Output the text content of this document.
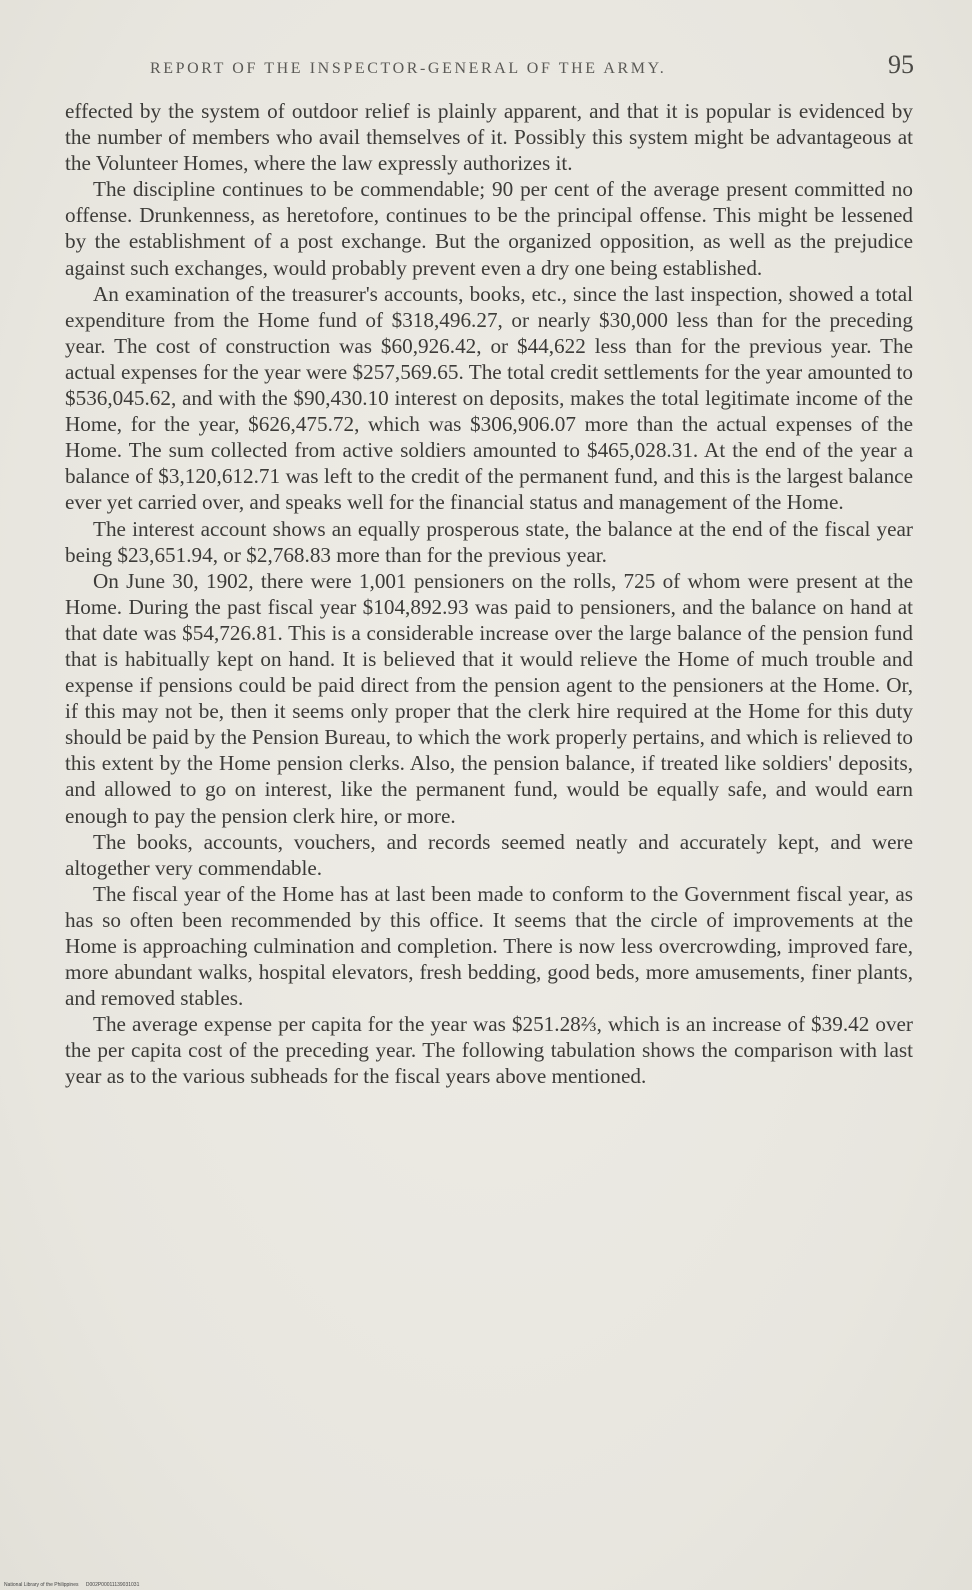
REPORT OF THE INSPECTOR-GENERAL OF THE ARMY.	95

effected by the system of outdoor relief is plainly apparent, and that it is popular is evidenced by the number of members who avail themselves of it. Possibly this system might be advantageous at the Volunteer Homes, where the law expressly authorizes it.

The discipline continues to be commendable; 90 per cent of the average present committed no offense. Drunkenness, as heretofore, continues to be the principal offense. This might be lessened by the establishment of a post exchange. But the organized opposition, as well as the prejudice against such exchanges, would probably prevent even a dry one being established.

An examination of the treasurer's accounts, books, etc., since the last inspection, showed a total expenditure from the Home fund of $318,496.27, or nearly $30,000 less than for the preceding year. The cost of construction was $60,926.42, or $44,622 less than for the previous year. The actual expenses for the year were $257,569.65. The total credit settlements for the year amounted to $536,045.62, and with the $90,430.10 interest on deposits, makes the total legitimate income of the Home, for the year, $626,475.72, which was $306,906.07 more than the actual expenses of the Home. The sum collected from active soldiers amounted to $465,028.31. At the end of the year a balance of $3,120,612.71 was left to the credit of the permanent fund, and this is the largest balance ever yet carried over, and speaks well for the financial status and management of the Home.

The interest account shows an equally prosperous state, the balance at the end of the fiscal year being $23,651.94, or $2,768.83 more than for the previous year.

On June 30, 1902, there were 1,001 pensioners on the rolls, 725 of whom were present at the Home. During the past fiscal year $104,892.93 was paid to pensioners, and the balance on hand at that date was $54,726.81. This is a considerable increase over the large balance of the pension fund that is habitually kept on hand. It is believed that it would relieve the Home of much trouble and expense if pensions could be paid direct from the pension agent to the pensioners at the Home. Or, if this may not be, then it seems only proper that the clerk hire required at the Home for this duty should be paid by the Pension Bureau, to which the work properly pertains, and which is relieved to this extent by the Home pension clerks. Also, the pension balance, if treated like soldiers' deposits, and allowed to go on interest, like the permanent fund, would be equally safe, and would earn enough to pay the pension clerk hire, or more.

The books, accounts, vouchers, and records seemed neatly and accurately kept, and were altogether very commendable.

The fiscal year of the Home has at last been made to conform to the Government fiscal year, as has so often been recommended by this office. It seems that the circle of improvements at the Home is approaching culmination and completion. There is now less overcrowding, improved fare, more abundant walks, hospital elevators, fresh bedding, good beds, more amusements, finer plants, and removed stables.

The average expense per capita for the year was $251.28⅔, which is an increase of $39.42 over the per capita cost of the preceding year. The following tabulation shows the comparison with last year as to the various subheads for the fiscal years above mentioned.

National Library of the Philippines D002P00011139031031
